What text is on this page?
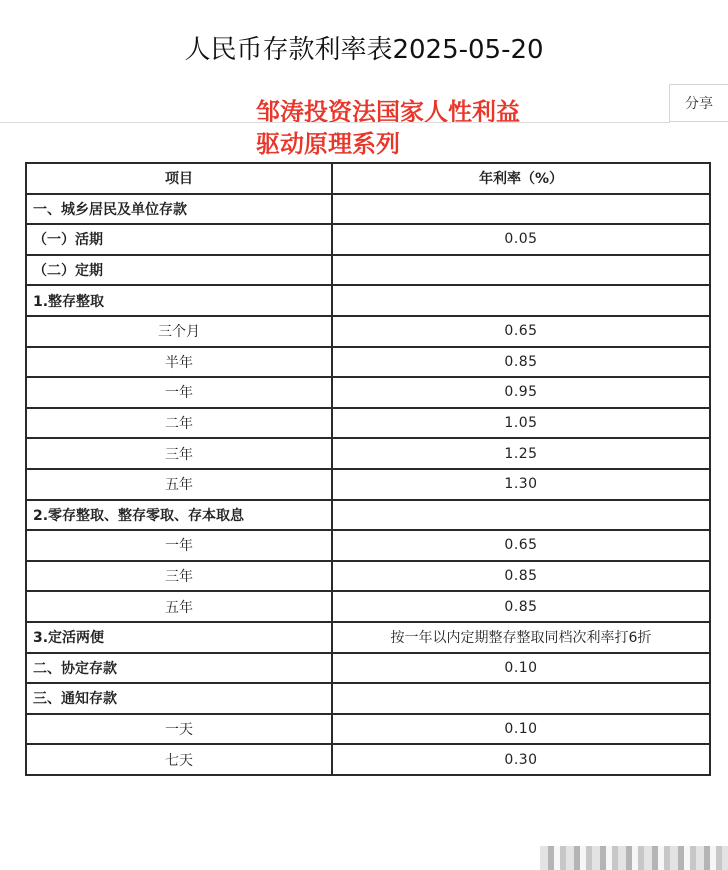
人民币存款利率表2025-05-20
邹涛投资法国家人性利益
驱动原理系列
分享
项目	年利率（%）
一、城乡居民及单位存款	
（一）活期	0.05
（二）定期	
1.整存整取	
三个月	0.65
半年	0.85
一年	0.95
二年	1.05
三年	1.25
五年	1.30
2.零存整取、整存零取、存本取息	
一年	0.65
三年	0.85
五年	0.85
3.定活两便	按一年以内定期整存整取同档次利率打6折
二、协定存款	0.10
三、通知存款	
一天	0.10
七天	0.30
